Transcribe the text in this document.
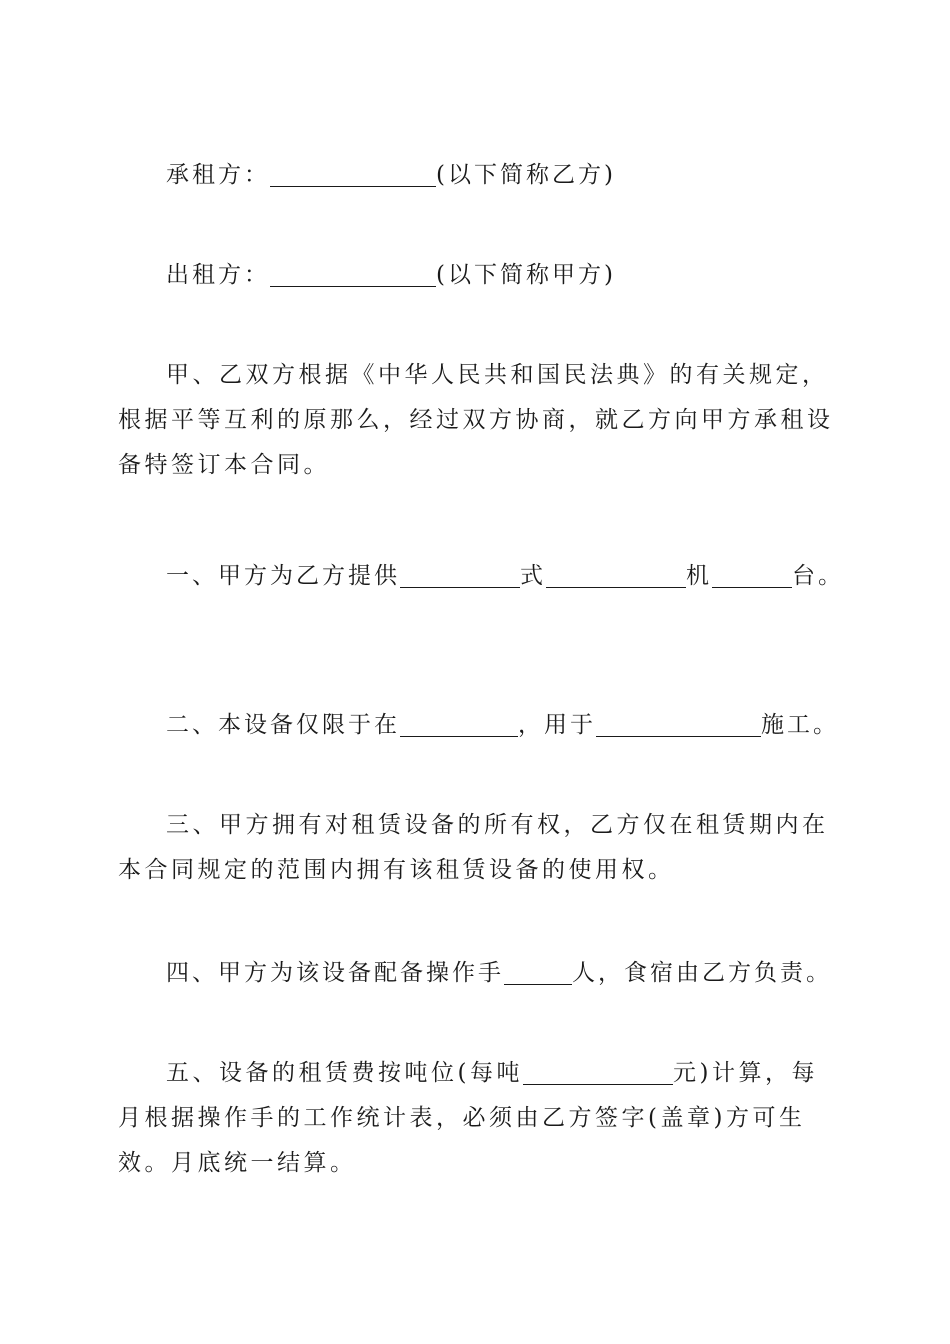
承租方：	(以下简称乙方)
出租方：	(以下简称甲方)
甲、乙双方根据《中华人民共和国民法典》的有关规定，根据平等互利的原那么，经过双方协商，就乙方向甲方承租设备特签订本合同。
一、甲方为乙方提供	式	机	台。
二、本设备仅限于在	，用于	施工。
三、甲方拥有对租赁设备的所有权，乙方仅在租赁期内在本合同规定的范围内拥有该租赁设备的使用权。
四、甲方为该设备配备操作手	人，食宿由乙方负责。
五、设备的租赁费按吨位(每吨	元)计算，每月根据操作手的工作统计表，必须由乙方签字(盖章)方可生效。月底统一结算。
